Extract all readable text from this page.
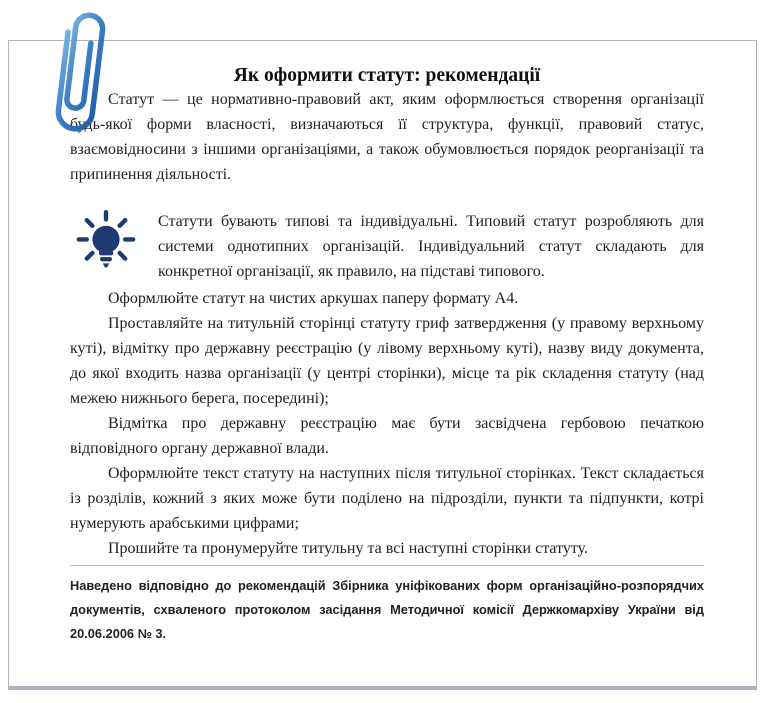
Як оформити статут: рекомендації

Статут — це нормативно-правовий акт, яким оформлюється створення організації будь-якої форми власності, визначаються її структура, функції, правовий статус, взаємовідносини з іншими організаціями, а також обумовлюється порядок реорганізації та припинення діяльності.

Статути бувають типові та індивідуальні. Типовий статут розробляють для системи однотипних організацій. Індивідуальний статут складають для конкретної організації, як правило, на підставі типового.

Оформлюйте статут на чистих аркушах паперу формату А4.

Проставляйте на титульній сторінці статуту гриф затвердження (у правому верхньому куті), відмітку про державну реєстрацію (у лівому верхньому куті), назву виду документа, до якої входить назва організації (у центрі сторінки), місце та рік складення статуту (над межею нижнього берега, посередині);

Відмітка про державну реєстрацію має бути засвідчена гербовою печаткою відповідного органу державної влади.

Оформлюйте текст статуту на наступних після титульної сторінках. Текст складається із розділів, кожний з яких може бути поділено на підрозділи, пункти та підпункти, котрі нумерують арабськими цифрами;

Прошийте та пронумеруйте титульну та всі наступні сторінки статуту.

Наведено відповідно до рекомендацій Збірника уніфікованих форм організаційно-розпорядчих документів, схваленого протоколом засідання Методичної комісії Держкомархіву України від 20.06.2006 № 3.
